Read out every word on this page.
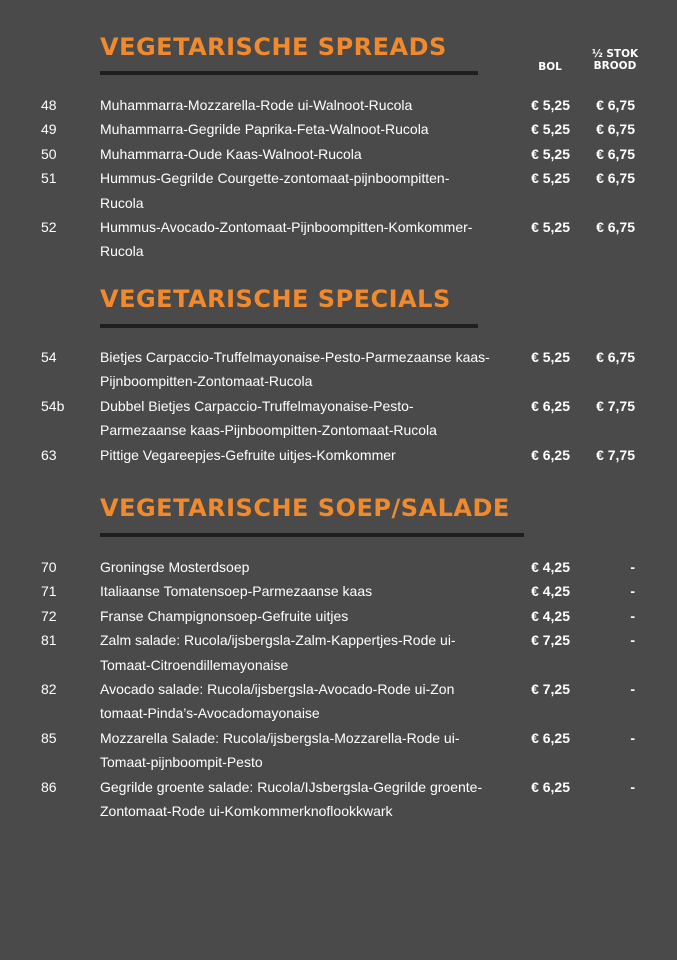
VEGETARISCHE SPREADS
BOL
½ STOK
BROOD
48	Muhammarra-Mozzarella-Rode ui-Walnoot-Rucola	€ 5,25 € 6,75
49	Muhammarra-Gegrilde Paprika-Feta-Walnoot-Rucola	€ 5,25 € 6,75
50	Muhammarra-Oude Kaas-Walnoot-Rucola	€ 5,25 € 6,75
51	Hummus-Gegrilde Courgette-zontomaat-pijnboompitten-Rucola
€ 5,25 € 6,75
52	Hummus-Avocado-Zontomaat-Pijnboompitten-Komkommer-Rucola
€ 5,25 € 6,75
VEGETARISCHE SPECIALS
54	Bietjes Carpaccio-Truffelmayonaise-Pesto-Parmezaanse kaas-Pijnboompitten-Zontomaat-Rucola
€ 5,25 € 6,75
54b	Dubbel Bietjes Carpaccio-Truffelmayonaise-Pesto-Parmezaanse kaas-Pijnboompitten-Zontomaat-Rucola
€ 6,25 € 7,75
63	Pittige Vegareepjes-Gefruite uitjes-Komkommer	€ 6,25 € 7,75
VEGETARISCHE SOEP/SALADE
70	Groningse Mosterdsoep	€ 4,25	-
71	Italiaanse Tomatensoep-Parmezaanse kaas	€ 4,25	-
72	Franse Champignonsoep-Gefruite uitjes	€ 4,25	-
81	Zalm salade: Rucola/ijsbergsla-Zalm-Kappertjes-Rode ui-Tomaat-Citroendillemayonaise
€ 7,25	-
82	Avocado salade: Rucola/ijsbergsla-Avocado-Rode ui-Zon tomaat-Pinda’s-Avocadomayonaise
€ 7,25	-
85	Mozzarella Salade: Rucola/ijsbergsla-Mozzarella-Rode ui-Tomaat-pijnboompit-Pesto
€ 6,25	-
86	Gegrilde groente salade: Rucola/IJsbergsla-Gegrilde groente-Zontomaat-Rode ui-Komkommerknoflookkwark
€ 6,25	-
